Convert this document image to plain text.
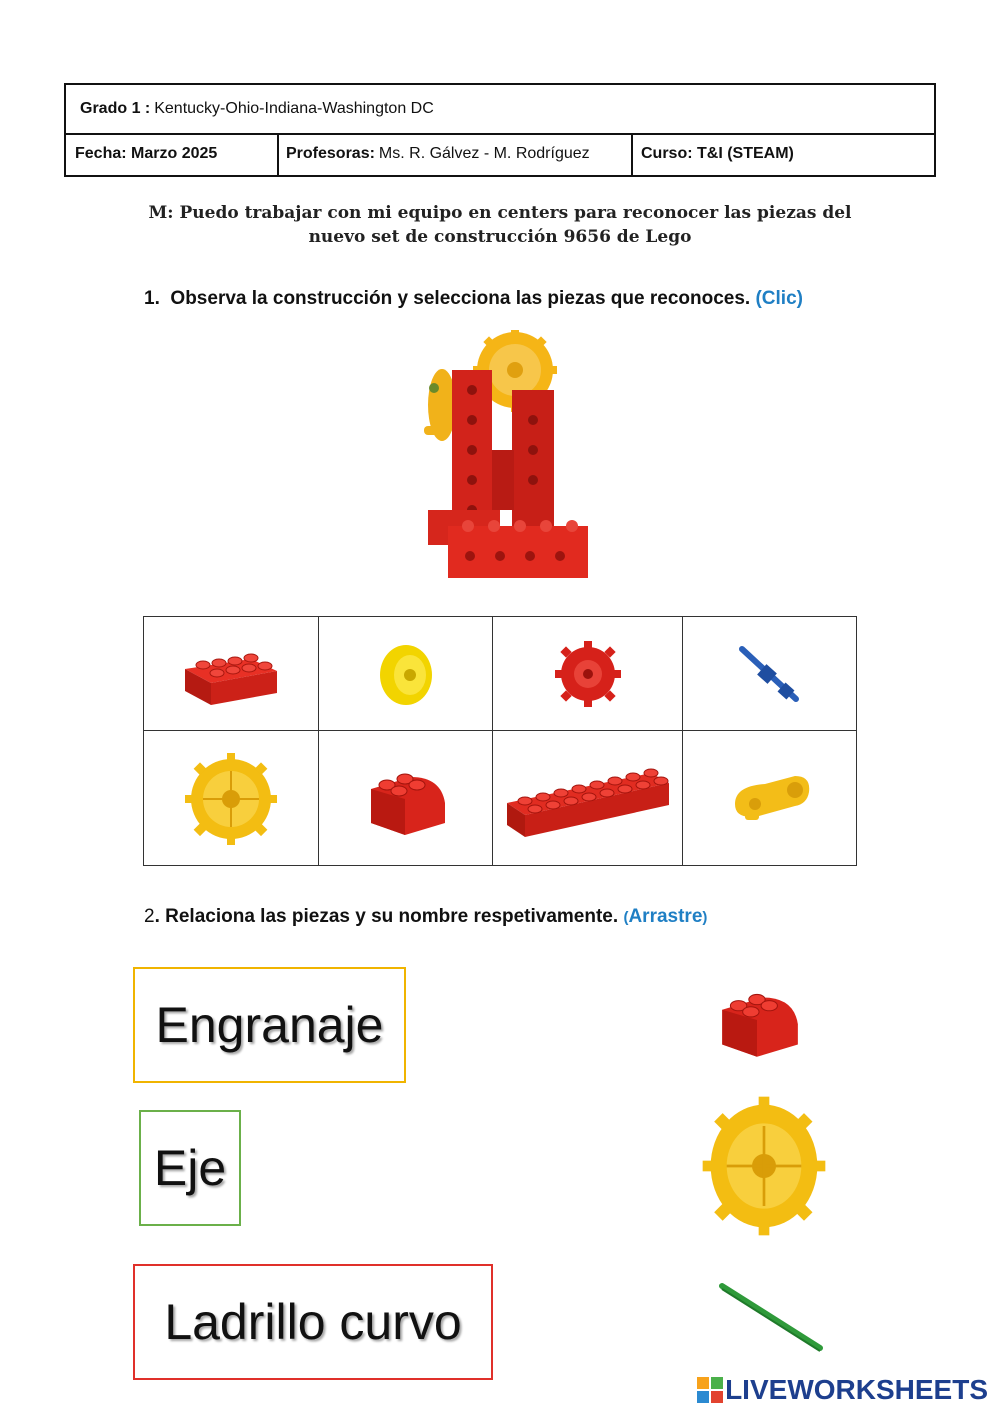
Grado 1 : Kentucky-Ohio-Indiana-Washington DC
Fecha: Marzo 2025	Profesoras: Ms. R. Gálvez - M. Rodríguez	Curso: T&I (STEAM)
M: Puedo trabajar con mi equipo en centers para reconocer las piezas del
nuevo set de construcción 9656 de Lego
1. Observa la construcción y selecciona las piezas que reconoces. (Clic)
2. Relaciona las piezas y su nombre respetivamente. (Arrastre)
Engranaje
Eje
Ladrillo curvo
LIVEWORKSHEETS
